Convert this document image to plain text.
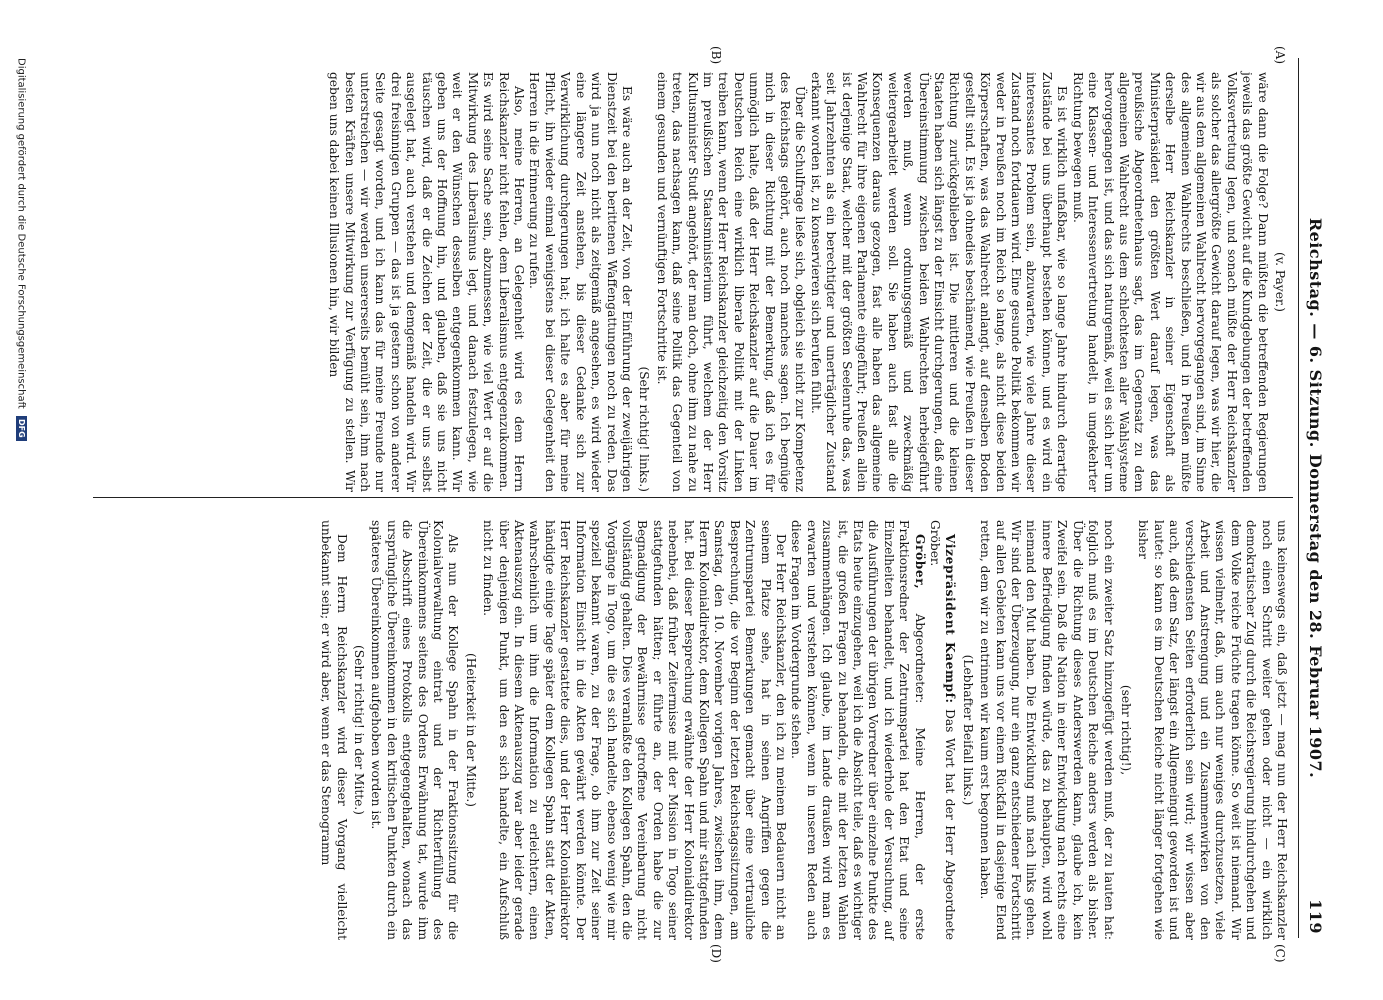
Reichstag. — 6. Sitzung. Donnerstag den 28. Februar 1907.
119
(A)
(B)
(C)
(D)

(v. Payer.)

wäre dann die Folge? Dann müßten die betreffenden Regierungen jeweils das größte Gewicht auf die Kundgebungen der betreffenden Volksvertretung legen, und sonach müßte der Herr Reichskanzler als solcher das allergrößte Gewicht darauf legen, was wir hier, die wir aus dem allgemeinen Wahlrecht hervorgegangen sind, im Sinne des allgemeinen Wahlrechts beschließen, und in Preußen müßte derselbe Herr Reichskanzler in seiner Eigenschaft als Ministerpräsident den größten Wert darauf legen, was das preußische Abgeordnetenhaus sagt, das im Gegensatz zu dem allgemeinen Wahlrecht aus dem schlechtesten aller Wahlsysteme hervorgegangen ist, und das sich naturgemäß, weil es sich hier um eine Klassen- und Interessenvertretung handelt, in umgekehrter Richtung bewegen muß.

Es ist wirklich unfaßbar, wie so lange Jahre hindurch derartige Zustände bei uns überhaupt bestehen können, und es wird ein interessantes Problem sein, abzuwarten, wie viele Jahre dieser Zustand noch fortdauern wird. Eine gesunde Politik bekommen wir weder in Preußen noch im Reich so lange, als nicht diese beiden Körperschaften, was das Wahlrecht anlangt, auf denselben Boden gestellt sind. Es ist ja ohnedies beschämend, wie Preußen in dieser Richtung zurückgeblieben ist. Die mittleren und die kleinen Staaten haben sich längst zu der Einsicht durchgerungen, daß eine Übereinstimmung zwischen beiden Wahlrechten herbeigeführt werden muß, wenn ordnungsgemäß und zweckmäßig weitergearbeitet werden soll. Sie haben auch fast alle die Konsequenzen daraus gezogen, fast alle haben das allgemeine Wahlrecht für ihre eigenen Parlamente eingeführt; Preußen allein ist derjenige Staat, welcher mit der größten Seelenruhe das, was seit Jahrzehnten als ein berechtigter und unerträglicher Zustand erkannt worden ist, zu konservieren sich berufen fühlt.

Über die Schulfrage ließe sich, obgleich sie nicht zur Kompetenz des Reichstags gehört, auch noch manches sagen. Ich begnüge mich in dieser Richtung mit der Bemerkung, daß ich es für unmöglich halte, daß der Herr Reichskanzler auf die Dauer im Deutschen Reich eine wirklich liberale Politik mit der Linken treiben kann, wenn der Herr Reichskanzler gleichzeitig den Vorsitz im preußischen Staatsministerium führt, welchem der Herr Kultusminister Studt angehört, der man doch, ohne ihm zu nahe zu treten, das nachsagen kann, daß seine Politik das Gegenteil von einem gesunden und vernünftigen Fortschritte ist.

(Sehr richtig! links.)

Es wäre auch an der Zeit, von der Einführung der zweijährigen Dienstzeit bei den berittenen Waffengattungen noch zu reden. Das wird ja nun noch nicht als zeitgemäß angesehen, es wird wieder eine längere Zeit anstehen, bis dieser Gedanke sich zur Verwirklichung durchgerungen hat; ich halte es aber für meine Pflicht, ihn wieder einmal wenigstens bei dieser Gelegenheit den Herren in die Erinnerung zu rufen.

Also, meine Herren, an Gelegenheit wird es dem Herrn Reichskanzler nicht fehlen, dem Liberalismus entgegenzukommen. Es wird seine Sache sein, abzumessen, wie viel Wert er auf die Mitwirkung des Liberalismus legt, und danach festzulegen, wie weit er den Wünschen desselben entgegenkommen kann. Wir geben uns der Hoffnung hin, und glauben, daß sie uns nicht täuschen wird, daß er die Zeichen der Zeit, die er uns selbst ausgelegt hat, auch verstehen und demgemäß handeln wird. Wir drei freisinnigen Gruppen — das ist ja gestern schon von anderer Seite gesagt worden, und ich kann das für meine Freunde nur unterstreichen — wir werden unsererseits bemüht sein, ihm nach besten Kräften unsere Mitwirkung zur Verfügung zu stellen. Wir geben uns dabei keinen Illusionen hin, wir bilden

uns keineswegs ein, daß jetzt — mag nun der Herr Reichskanzler noch einen Schritt weiter gehen oder nicht — ein wirklich demokratischer Zug durch die Reichsregierung hindurchgehen und dem Volke reiche Früchte tragen könne. So weit ist niemand. Wir wissen vielmehr, daß, um auch nur weniges durchzusetzen, viele Arbeit und Anstrengung und ein Zusammenwirken von den verschiedensten Seiten erforderlich sein wird; wir wissen aber auch, daß dem Satz, der längst ein Allgemeingut geworden ist und lautet: so kann es im Deutschen Reiche nicht länger fortgehen wie bisher

(sehr richtig!),

noch ein zweiter Satz hinzugefügt werden muß, der zu lauten hat: folglich muß es im Deutschen Reiche anders werden als bisher. Über die Richtung dieses Anderswerden kann, glaube ich, kein Zweifel sein. Daß die Nation in einer Entwicklung nach rechts eine innere Befriedigung finden würde, das zu behaupten, wird wohl niemand den Mut haben. Die Entwicklung muß nach links gehen. Wir sind der Überzeugung, nur ein ganz entschiedener Fortschritt auf allen Gebieten kann uns vor einem Rückfall in dasjenige Elend retten, dem wir zu entrinnen wir kaum erst begonnen haben.

(Lebhafter Beifall links.)

Vizepräsident Kaempf: Das Wort hat der Herr Abgeordnete Gröber.

Gröber, Abgeordneter: Meine Herren, der erste Fraktionsredner der Zentrumspartei hat den Etat und seine Einzelheiten behandelt, und ich wiederhole der Versuchung, auf die Ausführungen der übrigen Vorredner über einzelne Punkte des Etats heute einzugehen, weil ich die Absicht teile, daß es wichtiger ist, die großen Fragen zu behandeln, die mit der letzten Wahlen zusammenhängen. Ich glaube, im Lande draußen wird man es erwarten und verstehen können, wenn in unseren Reden auch diese Fragen im Vordergrunde stehen.

Der Herr Reichskanzler, den ich zu meinem Bedauern nicht an seinem Platze sehe, hat in seinen Angriffen gegen die Zentrumspartei Bemerkungen gemacht über eine vertrauliche Besprechung, die vor Beginn der letzten Reichstagssitzungen, am Samstag, den 10. November vorigen Jahres, zwischen ihm, dem Herrn Kolonialdirektor, dem Kollegen Spahn und mir stattgefunden hat. Bei dieser Besprechung erwähnte der Herr Kolonialdirektor nebenbei, daß früher Zeitermisse mit der Mission in Togo seiner stattgefunden hätten; er führte an, der Orden habe die zur Begnadigung der Bewährnisse getroffene Vereinbarung nicht vollständig gehalten. Dies veranlaßte den Kollegen Spahn, den die Vorgänge in Togo, um die es sich handelte, ebenso wenig wie mir speziell bekannt waren, zu der Frage, ob ihm zur Zeit seiner Information Einsicht in die Akten gewährt werden könnte. Der Herr Reichskanzler gestattete dies, und der Herr Kolonialdirektor händigte einige Tage später dem Kollegen Spahn statt der Akten, wahrscheinlich um ihm die Information zu erleichtern, einen Aktenauszug ein. In diesem Aktenauszug war aber leider gerade über denjenigen Punkt, um den es sich handelte, ein Aufschluß nicht zu finden.

(Heiterkeit in der Mitte.)

Als nun der Kollege Spahn in der Fraktionssitzung für die Kolonialverwaltung eintrat und der Richterfüllung des Übereinkommens seitens des Ordens Erwähnung tat, wurde ihm die Abschrift eines Protokolls entgegengehalten, wonach das ursprüngliche Übereinkommen in den kritischen Punkten durch ein späteres Übereinkommen aufgehoben worden ist.

(Sehr richtig! in der Mitte.)

Dem Herrn Reichskanzler wird dieser Vorgang vielleicht unbekannt sein; er wird aber, wenn er das Stenogramm

Digitalisierung gefördert durch die Deutsche Forschungsgemeinschaft DFG
